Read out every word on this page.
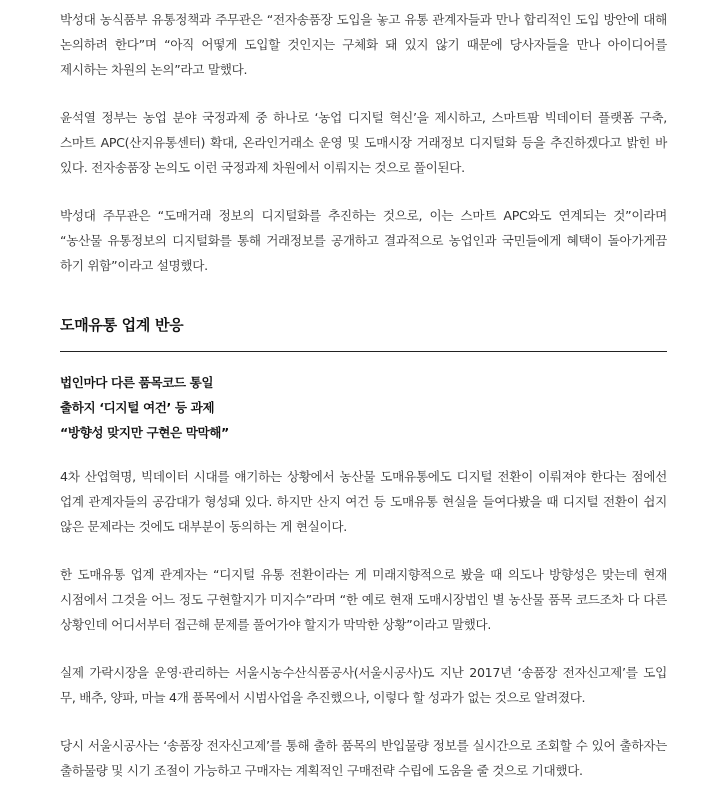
박성대 농식품부 유통정책과 주무관은 “전자송품장 도입을 놓고 유통 관계자들과 만나 합리적인 도입 방안에 대해 논의하려 한다”며 “아직 어떻게 도입할 것인지는 구체화 돼 있지 않기 때문에 당사자들을 만나 아이디어를 제시하는 차원의 논의”라고 말했다.

윤석열 정부는 농업 분야 국정과제 중 하나로 ‘농업 디지털 혁신’을 제시하고, 스마트팜 빅데이터 플랫폼 구축, 스마트 APC(산지유통센터) 확대, 온라인거래소 운영 및 도매시장 거래정보 디지털화 등을 추진하겠다고 밝힌 바 있다. 전자송품장 논의도 이런 국정과제 차원에서 이뤄지는 것으로 풀이된다.

박성대 주무관은 “도매거래 정보의 디지털화를 추진하는 것으로, 이는 스마트 APC와도 연계되는 것”이라며 “농산물 유통정보의 디지털화를 통해 거래정보를 공개하고 결과적으로 농업인과 국민들에게 혜택이 돌아가게끔 하기 위함”이라고 설명했다.

도매유통 업계 반응

법인마다 다른 품목코드 통일

출하지 ‘디지털 여건’ 등 과제

“방향성 맞지만 구현은 막막해”

4차 산업혁명, 빅데이터 시대를 얘기하는 상황에서 농산물 도매유통에도 디지털 전환이 이뤄져야 한다는 점에선 업계 관계자들의 공감대가 형성돼 있다. 하지만 산지 여건 등 도매유통 현실을 들여다봤을 때 디지털 전환이 쉽지 않은 문제라는 것에도 대부분이 동의하는 게 현실이다.

한 도매유통 업계 관계자는 “디지털 유통 전환이라는 게 미래지향적으로 봤을 때 의도나 방향성은 맞는데 현재 시점에서 그것을 어느 정도 구현할지가 미지수”라며 “한 예로 현재 도매시장법인 별 농산물 품목 코드조차 다 다른 상황인데 어디서부터 접근해 문제를 풀어가야 할지가 막막한 상황”이라고 말했다.

실제 가락시장을 운영·관리하는 서울시농수산식품공사(서울시공사)도 지난 2017년 ‘송품장 전자신고제’를 도입 무, 배추, 양파, 마늘 4개 품목에서 시범사업을 추진했으나, 이렇다 할 성과가 없는 것으로 알려졌다.

당시 서울시공사는 ‘송품장 전자신고제’를 통해 출하 품목의 반입물량 정보를 실시간으로 조회할 수 있어 출하자는 출하물량 및 시기 조절이 가능하고 구매자는 계획적인 구매전략 수립에 도움을 줄 것으로 기대했다.
